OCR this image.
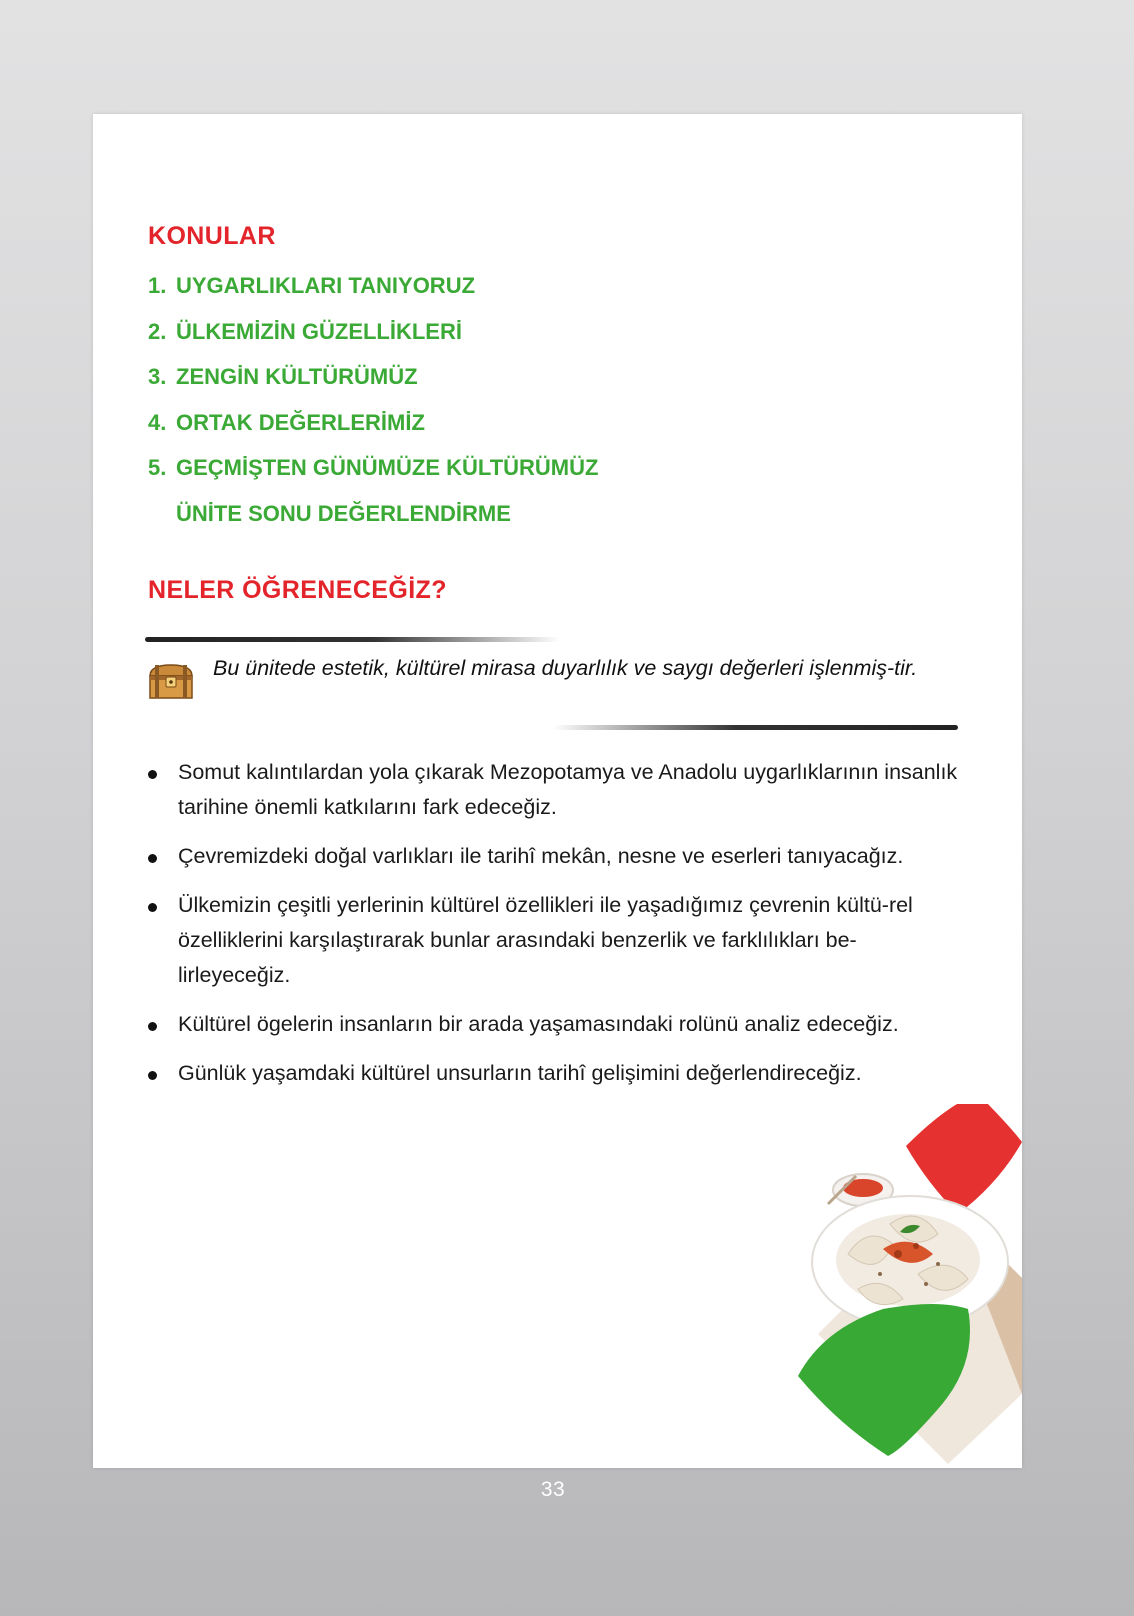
KONULAR
1. UYGARLIKLARI TANIYORUZ
2. ÜLKEMİZİN GÜZELLİKLERİ
3. ZENGİN KÜLTÜRÜMÜZ
4. ORTAK DEĞERLERİMİZ
5. GEÇMİŞTEN GÜNÜMÜZE KÜLTÜRÜMÜZ
ÜNİTE SONU DEĞERLENDİRME
NELER ÖĞRENECEĞİZ?

Bu ünitede estetik, kültürel mirasa duyarlılık ve saygı değerleri işlenmiş-tir.

Somut kalıntılardan yola çıkarak Mezopotamya ve Anadolu uygarlıklarının insanlık tarihine önemli katkılarını fark edeceğiz.
Çevremizdeki doğal varlıkları ile tarihî mekân, nesne ve eserleri tanıyacağız.
Ülkemizin çeşitli yerlerinin kültürel özellikleri ile yaşadığımız çevrenin kültü-rel özelliklerini karşılaştırarak bunlar arasındaki benzerlik ve farklılıkları be-lirleyeceğiz.
Kültürel ögelerin insanların bir arada yaşamasındaki rolünü analiz edeceğiz.
Günlük yaşamdaki kültürel unsurların tarihî gelişimini değerlendireceğiz.
33
